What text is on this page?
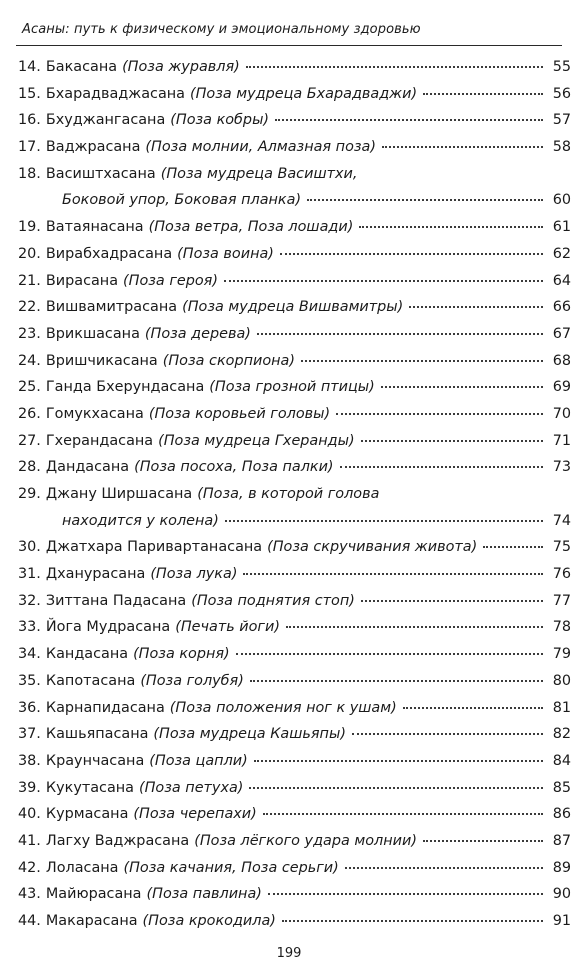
Асаны: путь к физическому и эмоциональному здоровью
14. Бакасана (Поза журавля)	55
15. Бхарадваджасана (Поза мудреца Бхарадваджи)	56
16. Бхуджангасана (Поза кобры)	57
17. Ваджрасана (Поза молнии, Алмазная поза)	58
18. Васиштхасана (Поза мудреца Васиштхи,
Боковой упор, Боковая планка)	60
19. Ватаянасана (Поза ветра, Поза лошади)	61
20. Вирабхадрасана (Поза воина)	62
21. Вирасана (Поза героя)	64
22. Вишвамитрасана (Поза мудреца Вишвамитры)	66
23. Врикшасана (Поза дерева)	67
24. Вришчикасана (Поза скорпиона)	68
25. Ганда Бхерундасана (Поза грозной птицы)	69
26. Гомукхасана (Поза коровьей головы)	70
27. Гхерандасана (Поза мудреца Гхеранды)	71
28. Дандасана (Поза посоха, Поза палки)	73
29. Джану Ширшасана (Поза, в которой голова
находится у колена)	74
30. Джатхара Паривартанасана (Поза скручивания живота)	75
31. Дханурасана (Поза лука)	76
32. Зиттана Падасана (Поза поднятия стоп)	77
33. Йога Мудрасана (Печать йоги)	78
34. Кандасана (Поза корня)	79
35. Капотасана (Поза голубя)	80
36. Карнапидасана (Поза положения ног к ушам)	81
37. Кашьяпасана (Поза мудреца Кашьяпы)	82
38. Краунчасана (Поза цапли)	84
39. Кукутасана (Поза петуха)	85
40. Курмасана (Поза черепахи)	86
41. Лагху Ваджрасана (Поза лёгкого удара молнии)	87
42. Лоласана (Поза качания, Поза серьги)	89
43. Майюрасана (Поза павлина)	90
44. Макарасана (Поза крокодила)	91
199
